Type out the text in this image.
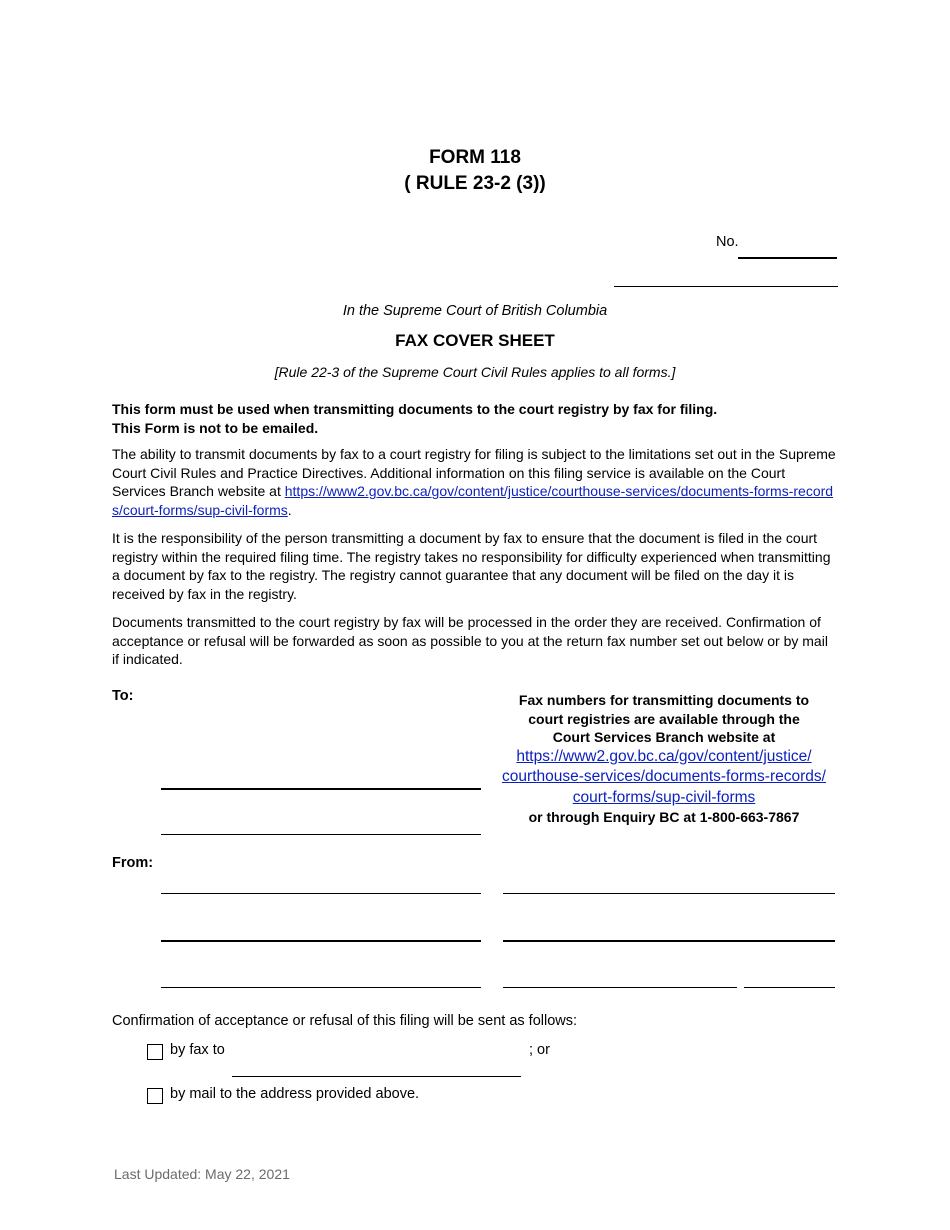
FORM 118
( RULE 23-2 (3))
No.
In the Supreme Court of British Columbia
FAX COVER SHEET
[Rule 22-3 of the Supreme Court Civil Rules applies to all forms.]
This form must be used when transmitting documents to the court registry by fax for filing.
This Form is not to be emailed.
The ability to transmit documents by fax to a court registry for filing is subject to the limitations set out in the Supreme Court Civil Rules and Practice Directives. Additional information on this filing service is available on the Court Services Branch website at https://www2.gov.bc.ca/gov/content/justice/courthouse-services/documents-forms-records/court-forms/sup-civil-forms.
It is the responsibility of the person transmitting a document by fax to ensure that the document is filed in the court registry within the required filing time. The registry takes no responsibility for difficulty experienced when transmitting a document by fax to the registry. The registry cannot guarantee that any document will be filed on the day it is received by fax in the registry.
Documents transmitted to the court registry by fax will be processed in the order they are received. Confirmation of acceptance or refusal will be forwarded as soon as possible to you at the return fax number set out below or by mail if indicated.
To:	Fax numbers for transmitting documents to
court registries are available through the
Court Services Branch website at
https://www2.gov.bc.ca/gov/content/justice/
courthouse-services/documents-forms-records/
court-forms/sup-civil-forms
or through Enquiry BC at 1-800-663-7867
From:
Confirmation of acceptance or refusal of this filing will be sent as follows:
by fax to	; or
by mail to the address provided above.
Last Updated: May 22, 2021
